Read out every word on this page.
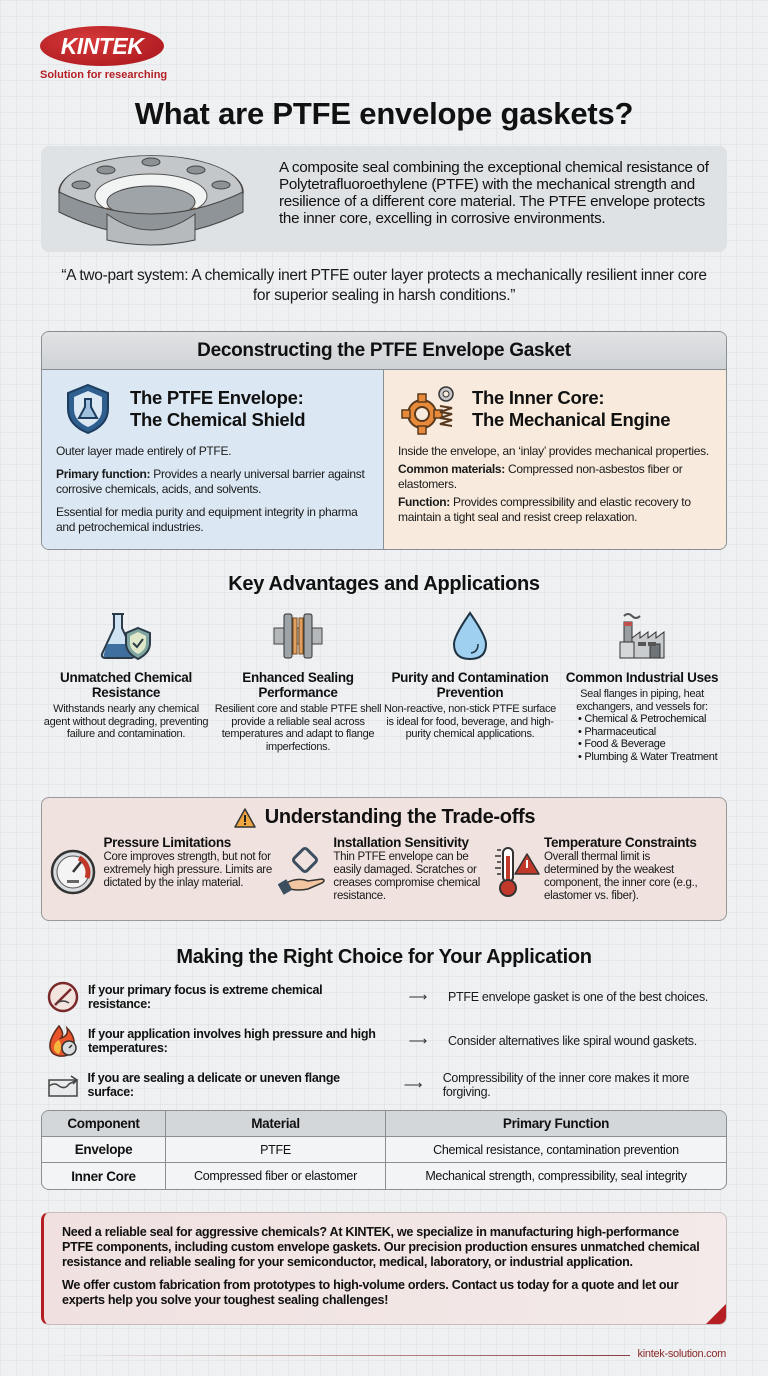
KINTEK
Solution for researching
What are PTFE envelope gaskets?

A composite seal combining the exceptional chemical resistance of Polytetrafluoroethylene (PTFE) with the mechanical strength and resilience of a different core material. The PTFE envelope protects the inner core, excelling in corrosive environments.

“A two-part system: A chemically inert PTFE outer layer protects a mechanically resilient inner core for superior sealing in harsh conditions.”

Deconstructing the PTFE Envelope Gasket
The PTFE Envelope:
The Chemical Shield

Outer layer made entirely of PTFE.

Primary function: Provides a nearly universal barrier against corrosive chemicals, acids, and solvents.

Essential for media purity and equipment integrity in pharma and petrochemical industries.

The Inner Core:
The Mechanical Engine

Inside the envelope, an ‘inlay’ provides mechanical properties.

Common materials: Compressed non-asbestos fiber or elastomers.

Function: Provides compressibility and elastic recovery to maintain a tight seal and resist creep relaxation.

Key Advantages and Applications
Unmatched Chemical Resistance
Withstands nearly any chemical agent without degrading, preventing failure and contamination.
Enhanced Sealing Performance
Resilient core and stable PTFE shell provide a reliable seal across temperatures and adapt to flange imperfections.
Purity and Contamination Prevention
Non-reactive, non-stick PTFE surface is ideal for food, beverage, and high-purity chemical applications.
Common Industrial Uses
Seal flanges in piping, heat exchangers, and vessels for:
• Chemical & Petrochemical
• Pharmaceutical
• Food & Beverage
• Plumbing & Water Treatment
Understanding the Trade-offs
Pressure Limitations
Core improves strength, but not for extremely high pressure. Limits are dictated by the inlay material.
Installation Sensitivity
Thin PTFE envelope can be easily damaged. Scratches or creases compromise chemical resistance.
Temperature Constraints
Overall thermal limit is determined by the weakest component, the inner core (e.g., elastomer vs. fiber).
Making the Right Choice for Your Application
If your primary focus is extreme chemical resistance:	⟶	PTFE envelope gasket is one of the best choices.
If your application involves high pressure and high temperatures:	⟶	Consider alternatives like spiral wound gaskets.
If you are sealing a delicate or uneven flange surface:	⟶	Compressibility of the inner core makes it more forgiving.
Component	Material	Primary Function
Envelope	PTFE	Chemical resistance, contamination prevention
Inner Core	Compressed fiber or elastomer	Mechanical strength, compressibility, seal integrity

Need a reliable seal for aggressive chemicals? At KINTEK, we specialize in manufacturing high-performance PTFE components, including custom envelope gaskets. Our precision production ensures unmatched chemical resistance and reliable sealing for your semiconductor, medical, laboratory, or industrial application.

We offer custom fabrication from prototypes to high-volume orders. Contact us today for a quote and let our experts help you solve your toughest sealing challenges!

kintek-solution.com
